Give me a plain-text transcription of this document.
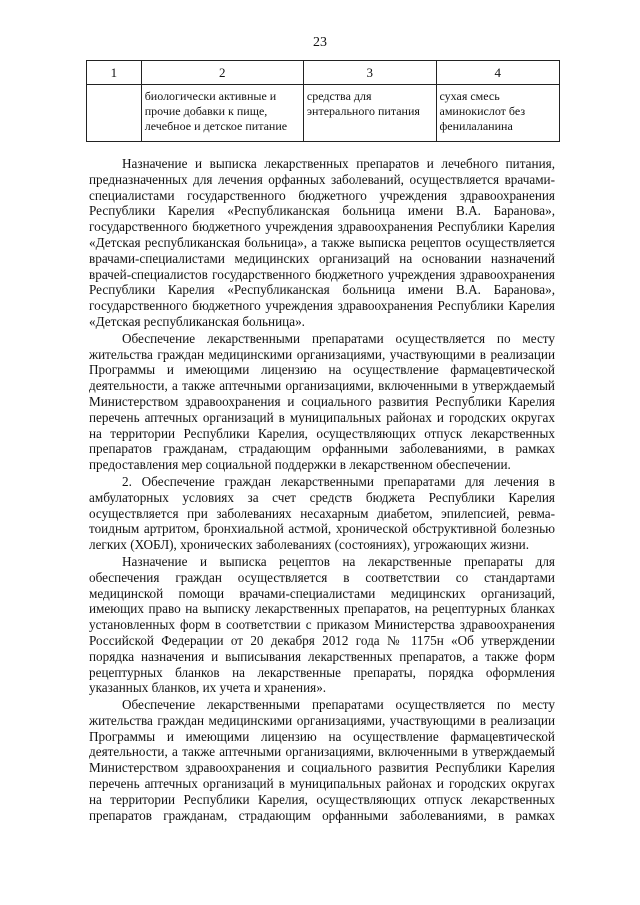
23
1	2	3	4
	биологически активные и прочие добавки к пище, лечебное и детское питание	средства для энтерального питания	сухая смесь аминокислот без фенилаланина

Назначение и выписка лекарственных препаратов и лечебного питания, предназначенных для лечения орфанных заболеваний, осуществляется врачами-специалистами государственного бюджетного учреждения здравоохранения Республики Карелия «Республиканская больница имени В.А. Баранова», государственного бюджетного учреждения здравоохранения Республики Карелия «Детская республиканская больница», а также выписка рецептов осуществляется врачами-специалистами медицинских организаций на основании назначений врачей-специалистов государственного бюджетного учреждения здравоохранения Республики Карелия «Республиканская больница имени В.А. Баранова», государственного бюджетного учреждения здравоохранения Республики Карелия «Детская республиканская больница».

Обеспечение лекарственными препаратами осуществляется по месту жительства граждан медицинскими организациями, участвующими в реализации Программы и имеющими лицензию на осуществление фармацевтической деятельности, а также аптечными организациями, включенными в утверждаемый Министерством здравоохранения и социального развития Республики Карелия перечень аптечных организаций в муниципальных районах и городских округах на территории Республики Карелия, осуществляющих отпуск лекарственных препаратов гражданам, страдающим орфанными заболеваниями, в рамках предоставления мер социальной поддержки в лекарственном обеспечении.

2. Обеспечение граждан лекарственными препаратами для лечения в амбулаторных условиях за счет средств бюджета Республики Карелия осуществляется при заболеваниях несахарным диабетом, эпилепсией, ревматоидным артритом, бронхиальной астмой, хронической обструктивной болезнью легких (ХОБЛ), хронических заболеваниях (состояниях), угрожающих жизни.

Назначение и выписка рецептов на лекарственные препараты для обеспечения граждан осуществляется в соответствии со стандартами медицинской помощи врачами-специалистами медицинских организаций, имеющих право на выписку лекарственных препаратов, на рецептурных бланках установленных форм в соответствии с приказом Министерства здравоохранения Российской Федерации от 20 декабря 2012 года № 1175н «Об утверждении порядка назначения и выписывания лекарственных препаратов, а также форм рецептурных бланков на лекарственные препараты, порядка оформления указанных бланков, их учета и хранения».

Обеспечение лекарственными препаратами осуществляется по месту жительства граждан медицинскими организациями, участвующими в реализации Программы и имеющими лицензию на осуществление фармацевтической деятельности, а также аптечными организациями, включенными в утверждаемый Министерством здравоохранения и социального развития Республики Карелия перечень аптечных организаций в муниципальных районах и городских округах на территории Республики Карелия, осуществляющих отпуск лекарственных препаратов гражданам, страдающим орфанными заболеваниями, в рамках
